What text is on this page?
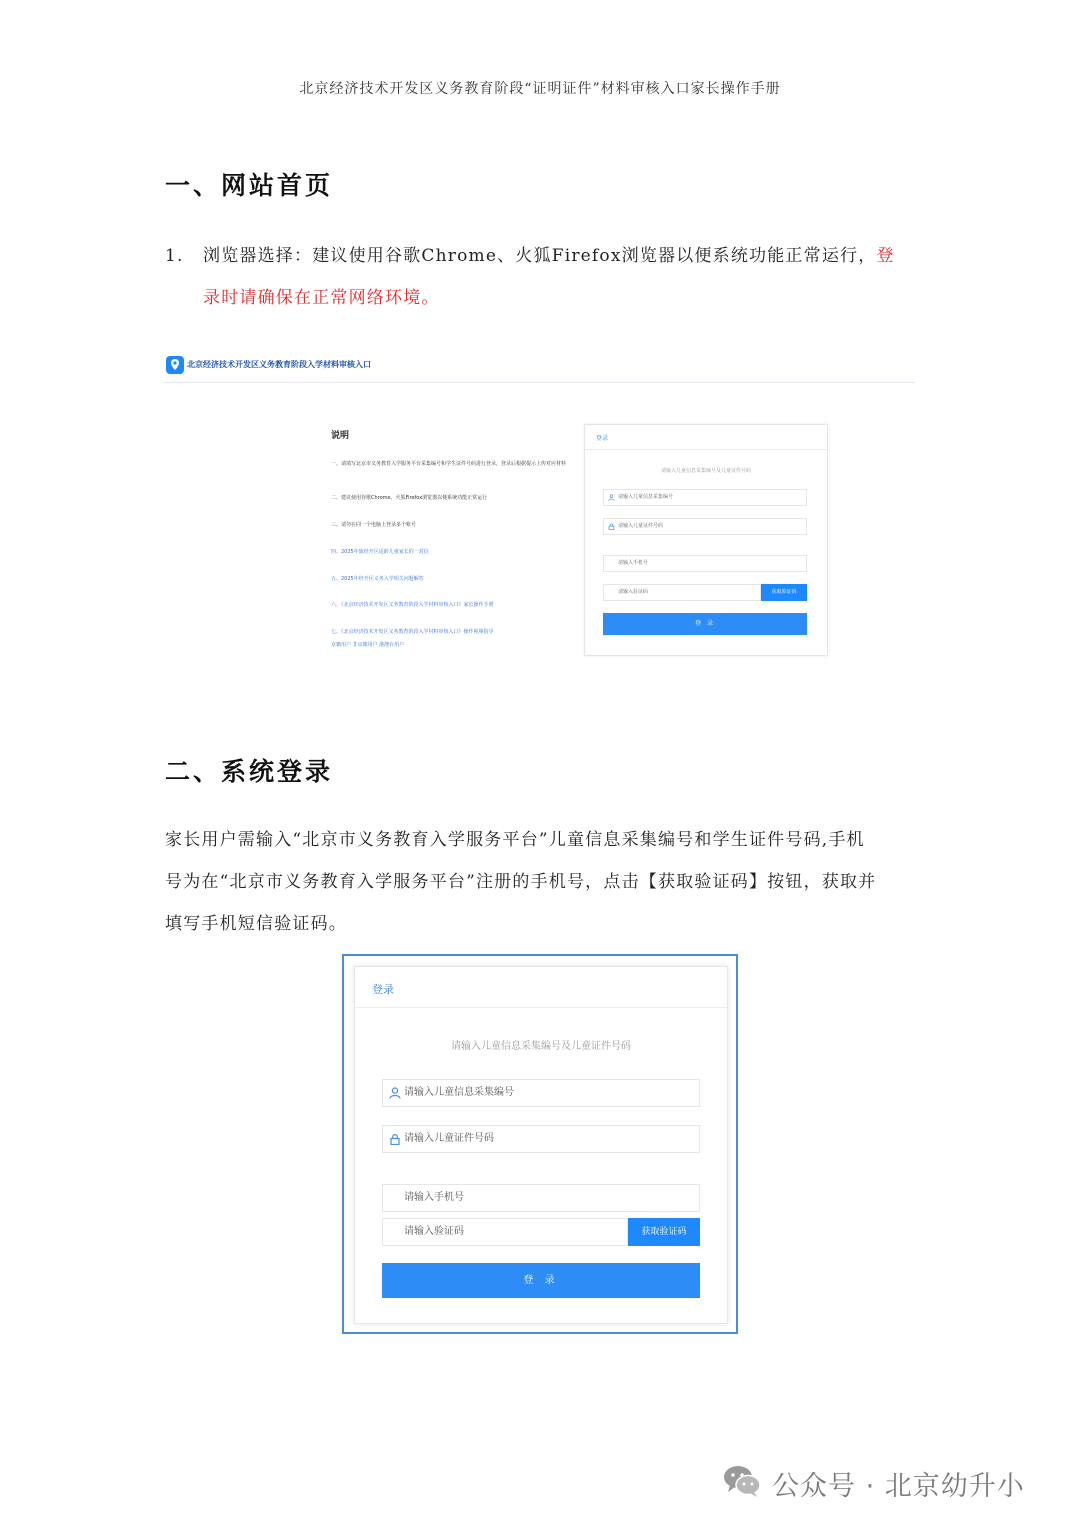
北京经济技术开发区义务教育阶段“证明证件”材料审核入口家长操作手册
一、网站首页
1. 浏览器选择：建议使用谷歌Chrome、火狐Firefox浏览器以便系统功能正常运行，登
录时请确保在正常网络环境。
北京经济技术开发区义务教育阶段入学材料审核入口
说明
一、请填写北京市义务教育入学服务平台采集编号和学生证件号码进行登录，登录后根据提示上传对应材料
二、建议使用谷歌Chrome、火狐Firefox浏览器以便系统功能正常运行
三、请勿在同一个电脑上登录多个账号
四、2025年致经开区适龄儿童家长的一封信
五、2025年经开区义务入学相关问题解答
六、《北京经济技术开发区义务教育阶段入学材料审核入口》家长操作手册
七、《北京经济技术开发区义务教育阶段入学材料审核入口》操作视频指导
京籍用户 非京籍用户 港澳台用户
登录
请输入儿童信息采集编号及儿童证件号码
请输入儿童信息采集编号
请输入儿童证件号码
请输入手机号
请输入验证码	获取验证码
登 录
二、系统登录
家长用户需输入“北京市义务教育入学服务平台”儿童信息采集编号和学生证件号码,手机
号为在“北京市义务教育入学服务平台”注册的手机号，点击【获取验证码】按钮，获取并
填写手机短信验证码。
登录
请输入儿童信息采集编号及儿童证件号码
请输入儿童信息采集编号
请输入儿童证件号码
请输入手机号
请输入验证码	获取验证码
登 录
公众号 · 北京幼升小
